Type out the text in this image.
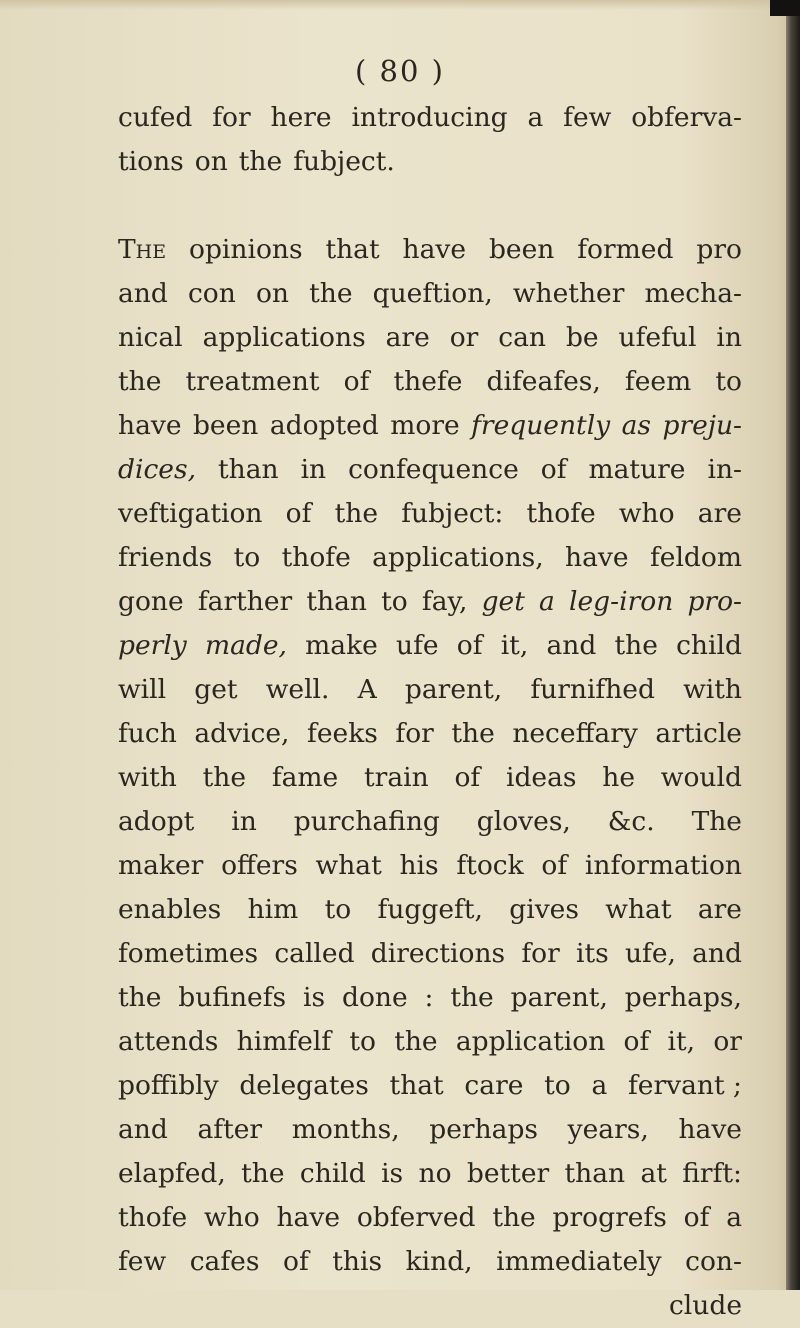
( 80 )
cufed for here introducing a few obferva-
tions on the fubject.
The opinions that have been formed pro
and con on the queftion, whether mecha-
nical applications are or can be ufeful in
the treatment of thefe difeafes, feem to
have been adopted more frequently as preju-
dices, than in confequence of mature in-
veftigation of the fubject: thofe who are
friends to thofe applications, have feldom
gone farther than to fay, get a leg-iron pro-
perly made, make ufe of it, and the child
will get well. A parent, furnifhed with
fuch advice, feeks for the neceffary article
with the fame train of ideas he would
adopt in purchafing gloves, &c. The
maker offers what his ftock of information
enables him to fuggeft, gives what are
fometimes called directions for its ufe, and
the bufinefs is done : the parent, perhaps,
attends himfelf to the application of it, or
poffibly delegates that care to a fervant ;
and after months, perhaps years, have
elapfed, the child is no better than at firft:
thofe who have obferved the progrefs of a
few cafes of this kind, immediately con-
clude
